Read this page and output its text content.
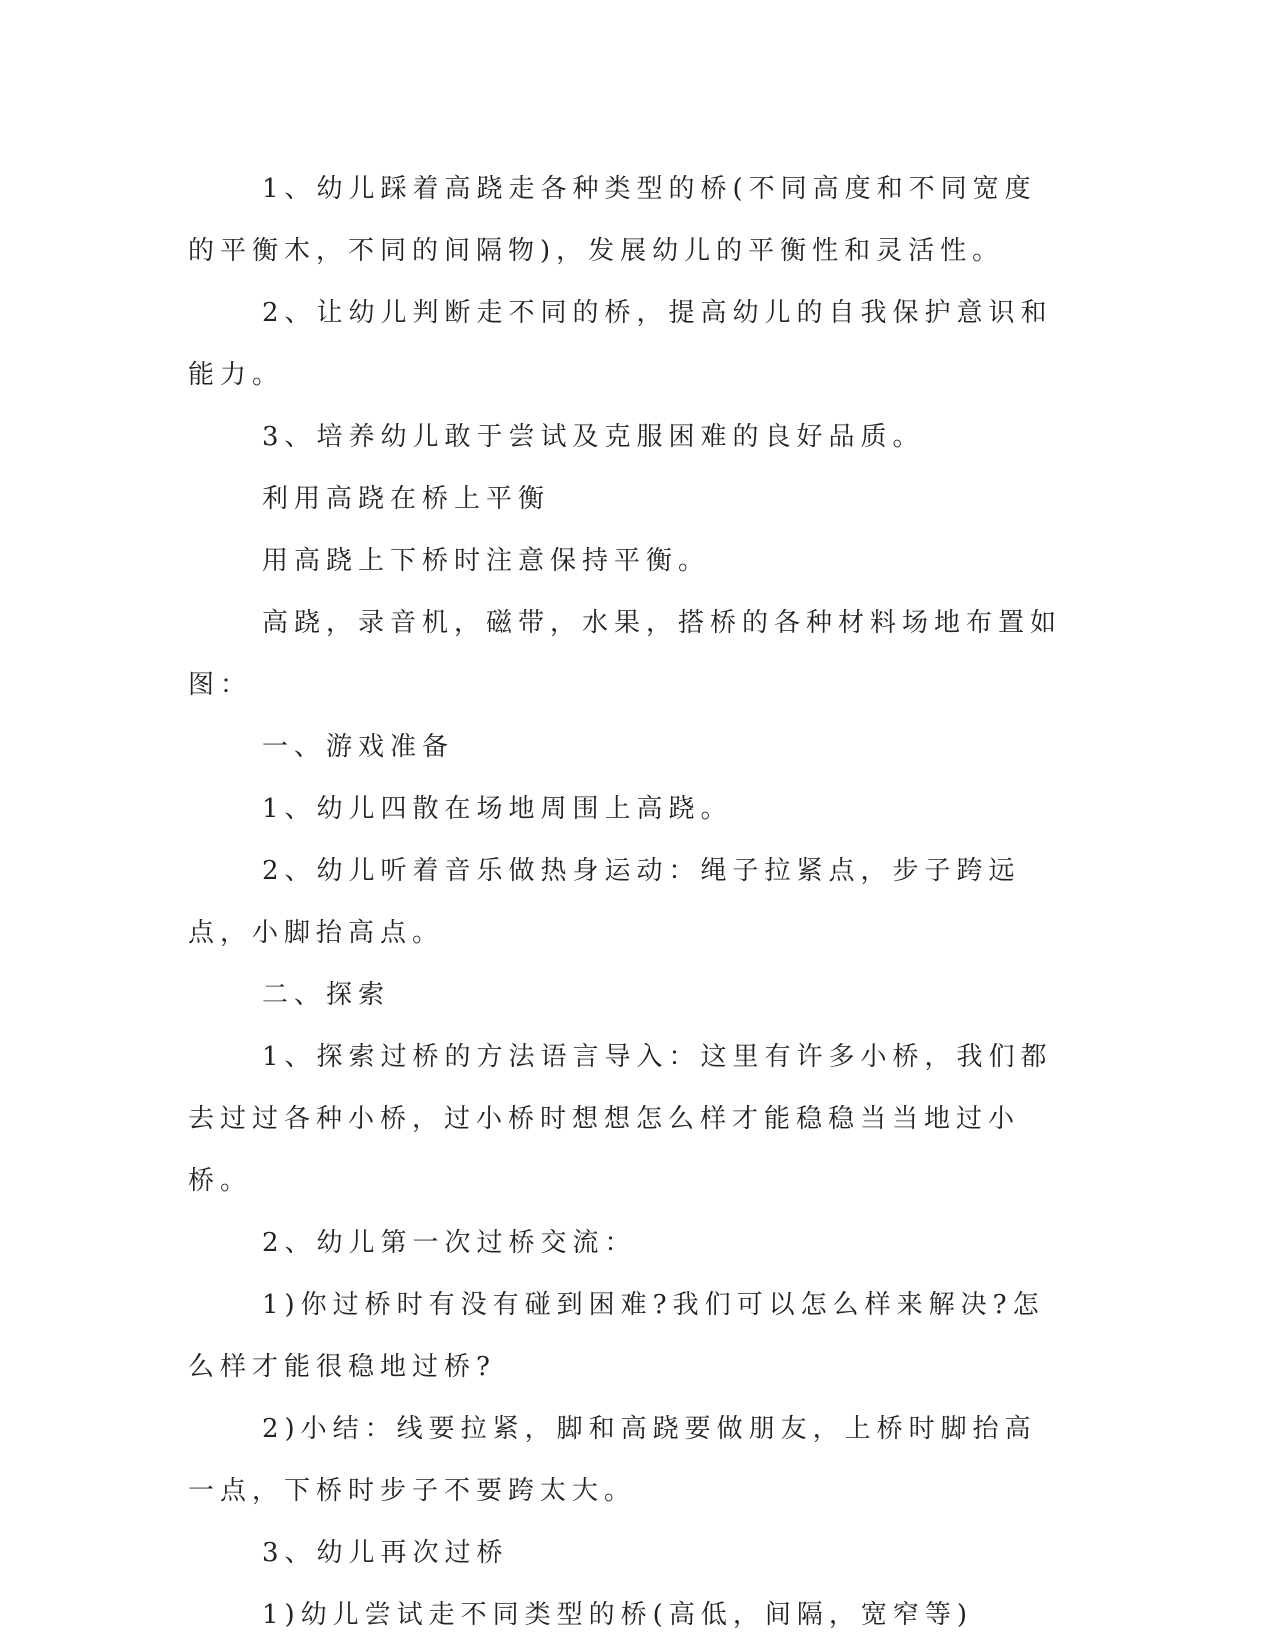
1、幼儿踩着高跷走各种类型的桥(不同高度和不同宽度的平衡木，不同的间隔物)，发展幼儿的平衡性和灵活性。

2、让幼儿判断走不同的桥，提高幼儿的自我保护意识和能力。

3、培养幼儿敢于尝试及克服困难的良好品质。

利用高跷在桥上平衡

用高跷上下桥时注意保持平衡。

高跷，录音机，磁带，水果，搭桥的各种材料场地布置如图：

一、游戏准备

1、幼儿四散在场地周围上高跷。

2、幼儿听着音乐做热身运动：绳子拉紧点，步子跨远点，小脚抬高点。

二、探索

1、探索过桥的方法语言导入：这里有许多小桥，我们都去过过各种小桥，过小桥时想想怎么样才能稳稳当当地过小桥。

2、幼儿第一次过桥交流：

1)你过桥时有没有碰到困难?我们可以怎么样来解决?怎么样才能很稳地过桥?

2)小结：线要拉紧，脚和高跷要做朋友，上桥时脚抬高一点，下桥时步子不要跨太大。

3、幼儿再次过桥

1)幼儿尝试走不同类型的桥(高低，间隔，宽窄等)
